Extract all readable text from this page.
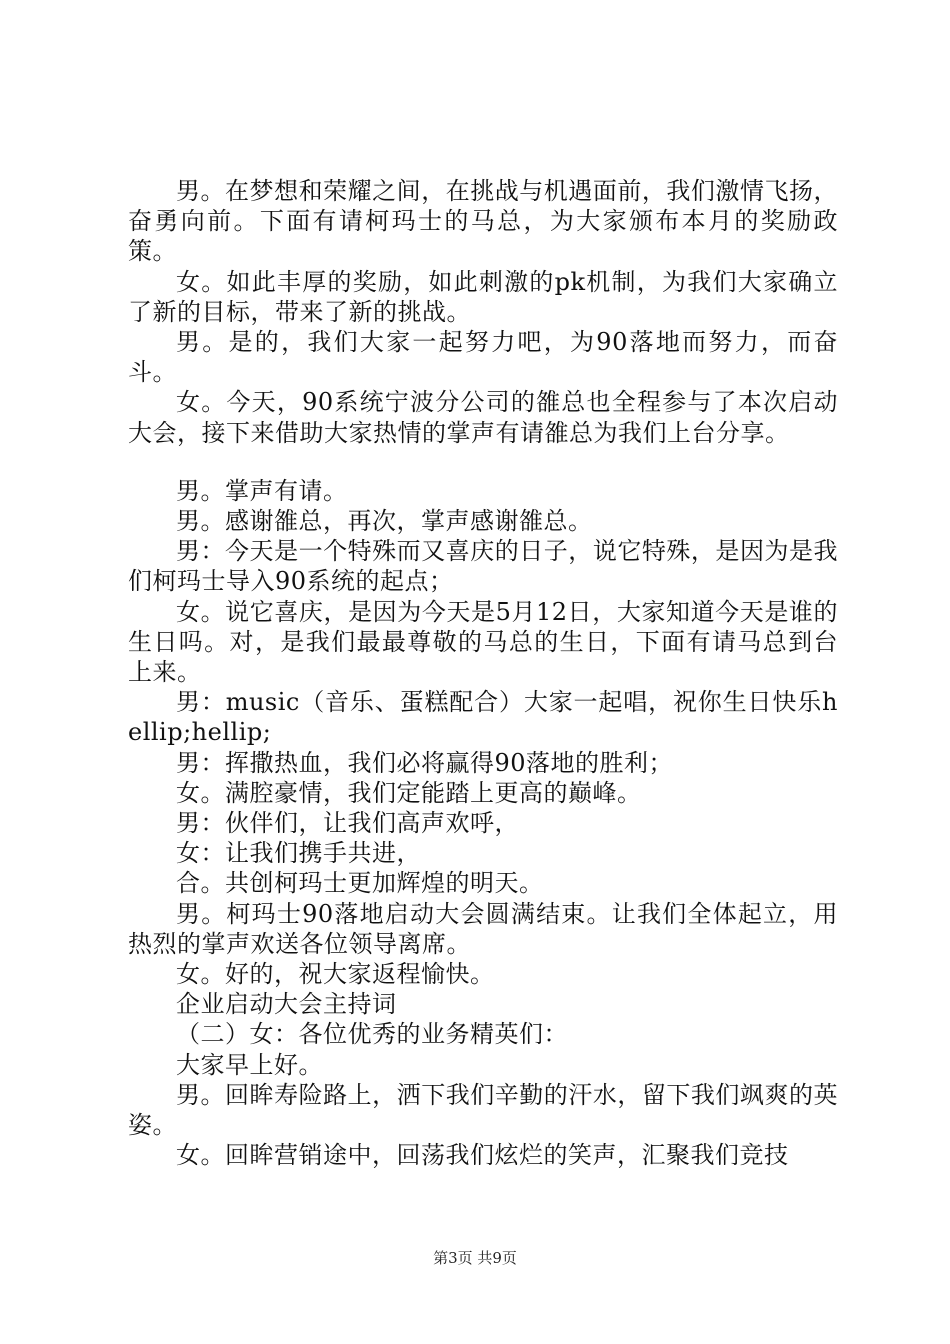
男。在梦想和荣耀之间，在挑战与机遇面前，我们激情飞扬，奋勇向前。下面有请柯玛士的马总，为大家颁布本月的奖励政策。

女。如此丰厚的奖励，如此刺激的pk机制，为我们大家确立了新的目标，带来了新的挑战。

男。是的，我们大家一起努力吧，为90落地而努力，而奋斗。

女。今天，90系统宁波分公司的雒总也全程参与了本次启动大会，接下来借助大家热情的掌声有请雒总为我们上台分享。

男。掌声有请。

男。感谢雒总，再次，掌声感谢雒总。

男：今天是一个特殊而又喜庆的日子，说它特殊，是因为是我们柯玛士导入90系统的起点；

女。说它喜庆，是因为今天是5月12日，大家知道今天是谁的生日吗。对，是我们最最尊敬的马总的生日，下面有请马总到台上来。

男：music（音乐、蛋糕配合）大家一起唱，祝你生日快乐hellip;hellip;

男：挥撒热血，我们必将赢得90落地的胜利；

女。满腔豪情，我们定能踏上更高的巅峰。

男：伙伴们，让我们高声欢呼，

女：让我们携手共进，

合。共创柯玛士更加辉煌的明天。

男。柯玛士90落地启动大会圆满结束。让我们全体起立，用热烈的掌声欢送各位领导离席。

女。好的，祝大家返程愉快。

企业启动大会主持词

（二）女：各位优秀的业务精英们：

大家早上好。

男。回眸寿险路上，洒下我们辛勤的汗水，留下我们飒爽的英姿。

女。回眸营销途中，回荡我们炫烂的笑声，汇聚我们竞技

第3页 共9页
